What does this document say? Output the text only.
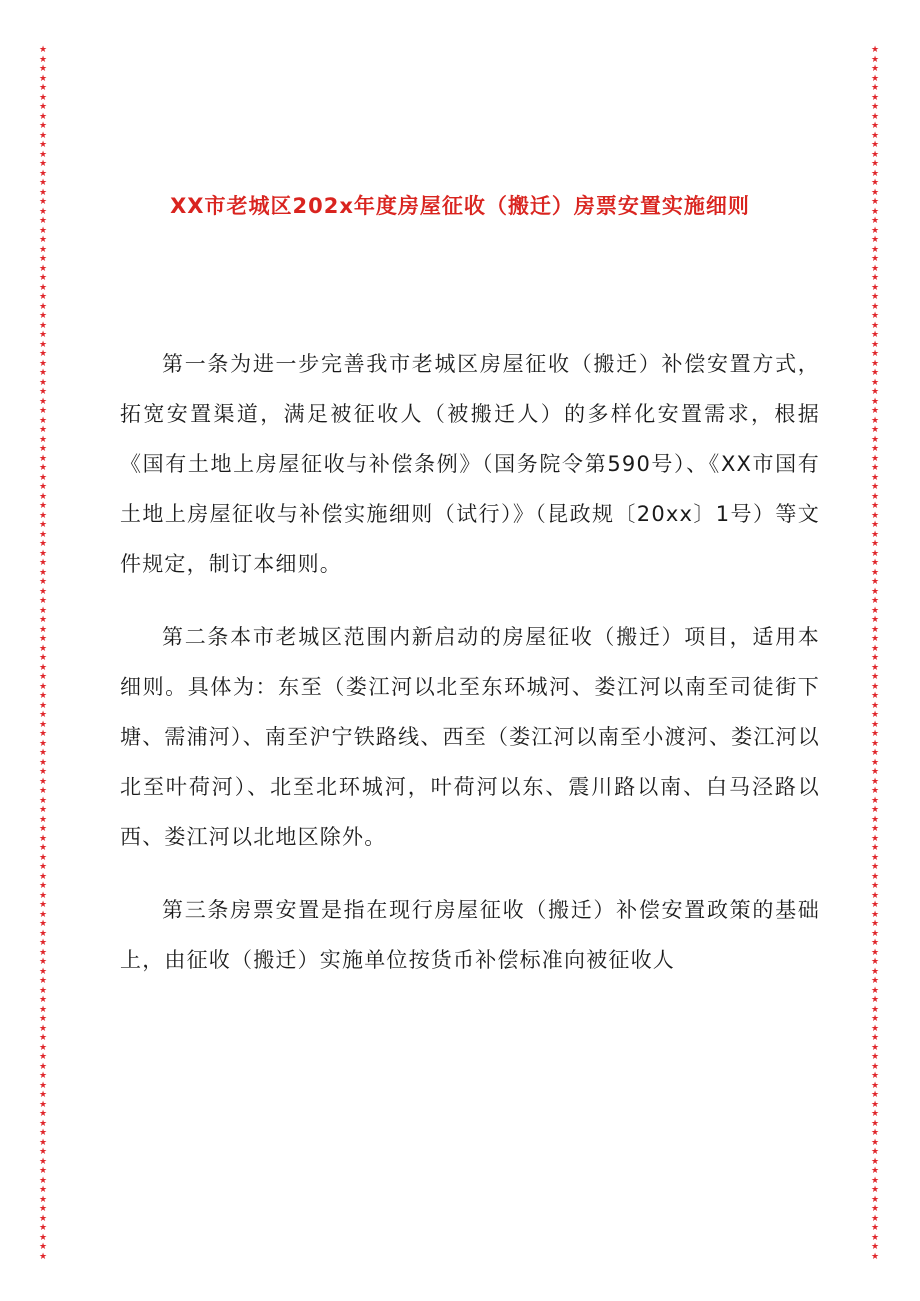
★★★★★★★★★★★★★★★★★★★★★★★★★★★★★★★★★★★★★★★★★★★★★★★★★★★★★★★★★★★★★★★★★★★★★★★★★★★★★★★★★★★★★★★★★★★★★★★★★★★★★★★★★★★★★★★★★★★★★★★★★★★★★★★★
★★★★★★★★★★★★★★★★★★★★★★★★★★★★★★★★★★★★★★★★★★★★★★★★★★★★★★★★★★★★★★★★★★★★★★★★★★★★★★★★★★★★★★★★★★★★★★★★★★★★★★★★★★★★★★★★★★★★★★★★★★★★★★★★
XX市老城区202x年度房屋征收（搬迁）房票安置实施细则

第一条为进一步完善我市老城区房屋征收（搬迁）补偿安置方式，拓宽安置渠道，满足被征收人（被搬迁人）的多样化安置需求，根据《国有土地上房屋征收与补偿条例》（国务院令第590号）、《XX市国有土地上房屋征收与补偿实施细则（试行）》（昆政规〔20xx〕1号）等文件规定，制订本细则。

第二条本市老城区范围内新启动的房屋征收（搬迁）项目，适用本细则。具体为：东至（娄江河以北至东环城河、娄江河以南至司徒街下塘、需浦河）、南至沪宁铁路线、西至（娄江河以南至小渡河、娄江河以北至叶荷河）、北至北环城河，叶荷河以东、震川路以南、白马泾路以西、娄江河以北地区除外。

第三条房票安置是指在现行房屋征收（搬迁）补偿安置政策的基础上，由征收（搬迁）实施单位按货币补偿标准向被征收人
